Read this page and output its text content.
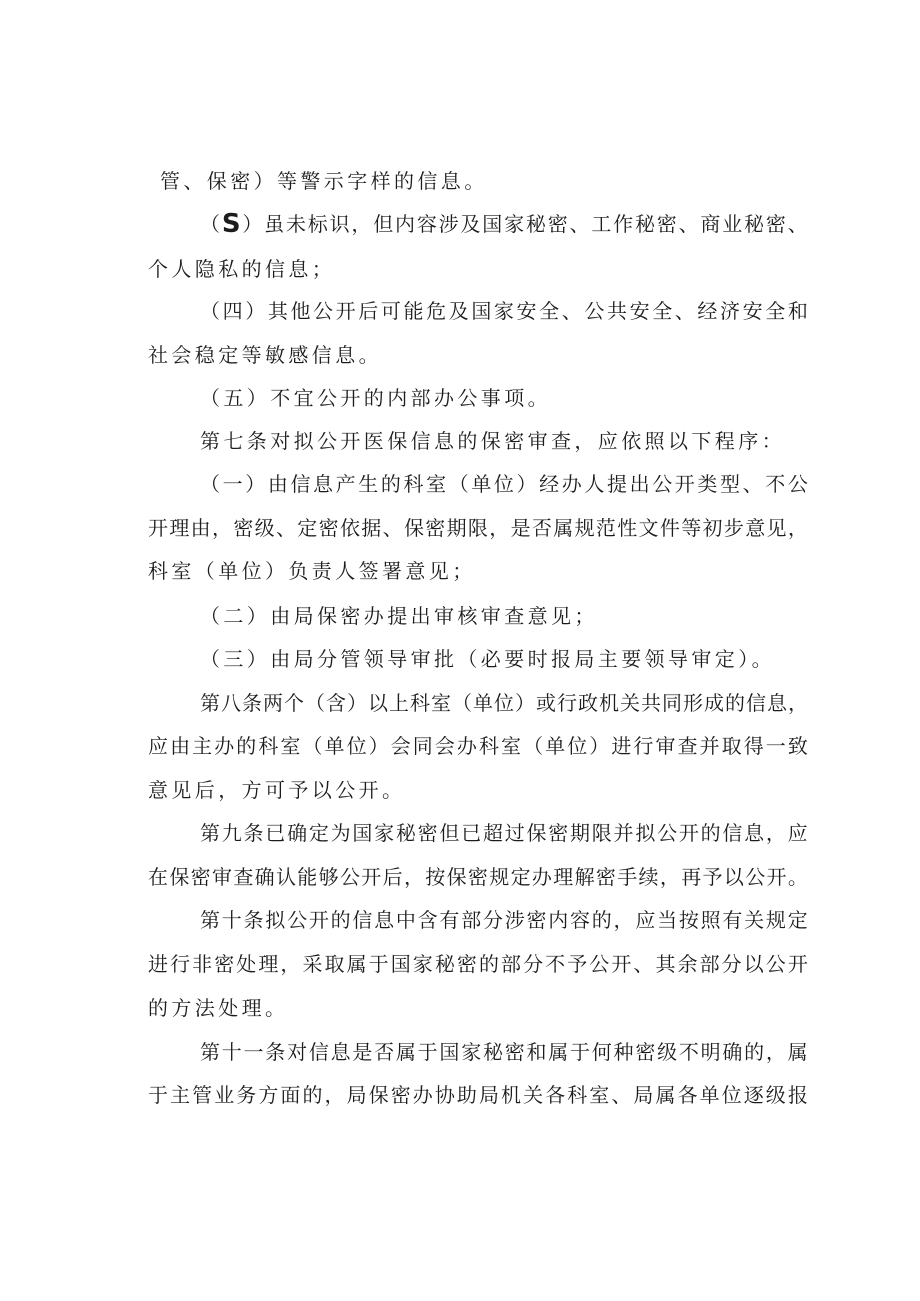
管、保密）等警示字样的信息。
（ S ） 虽 未 标 识 ， 但 内 容 涉 及 国 家 秘 密 、 工 作 秘 密 、 商 业 秘 密 、
个人隐私的信息；
（ 四 ） 其 他 公 开 后 可 能 危 及 国 家 安 全 、 公 共 安 全 、 经 济 安 全 和
社会稳定等敏感信息。
（五）不宜公开的内部办公事项。
第七条对拟公开医保信息的保密审查，应依照以下程序：
（ 一 ） 由 信 息 产 生 的 科 室 （ 单 位 ） 经 办 人 提 出 公 开 类 型 、 不 公
开 理 由 ， 密 级 、 定 密 依 据 、 保 密 期 限 ， 是 否 属 规 范 性 文 件 等 初 步 意 见 ，
科室（单位）负责人签署意见；
（二）由局保密办提出审核审查意见；
（三）由局分管领导审批（必要时报局主要领导审定）。
第 八 条 两 个 （ 含 ） 以 上 科 室 （ 单 位 ） 或 行 政 机 关 共 同 形 成 的 信 息 ，
应 由 主 办 的 科 室 （ 单 位 ） 会 同 会 办 科 室 （ 单 位 ） 进 行 审 查 并 取 得 一 致
意见后，方可予以公开。
第 九 条 已 确 定 为 国 家 秘 密 但 已 超 过 保 密 期 限 并 拟 公 开 的 信 息 ， 应
在 保 密 审 查 确 认 能 够 公 开 后 ， 按 保 密 规 定 办 理 解 密 手 续 ， 再 予 以 公 开 。
第 十 条 拟 公 开 的 信 息 中 含 有 部 分 涉 密 内 容 的 ， 应 当 按 照 有 关 规 定
进 行 非 密 处 理 ， 采 取 属 于 国 家 秘 密 的 部 分 不 予 公 开 、 其 余 部 分 以 公 开
的方法处理。
第 十 一 条 对 信 息 是 否 属 于 国 家 秘 密 和 属 于 何 种 密 级 不 明 确 的 ， 属
于 主 管 业 务 方 面 的 ， 局 保 密 办 协 助 局 机 关 各 科 室 、 局 属 各 单 位 逐 级 报
